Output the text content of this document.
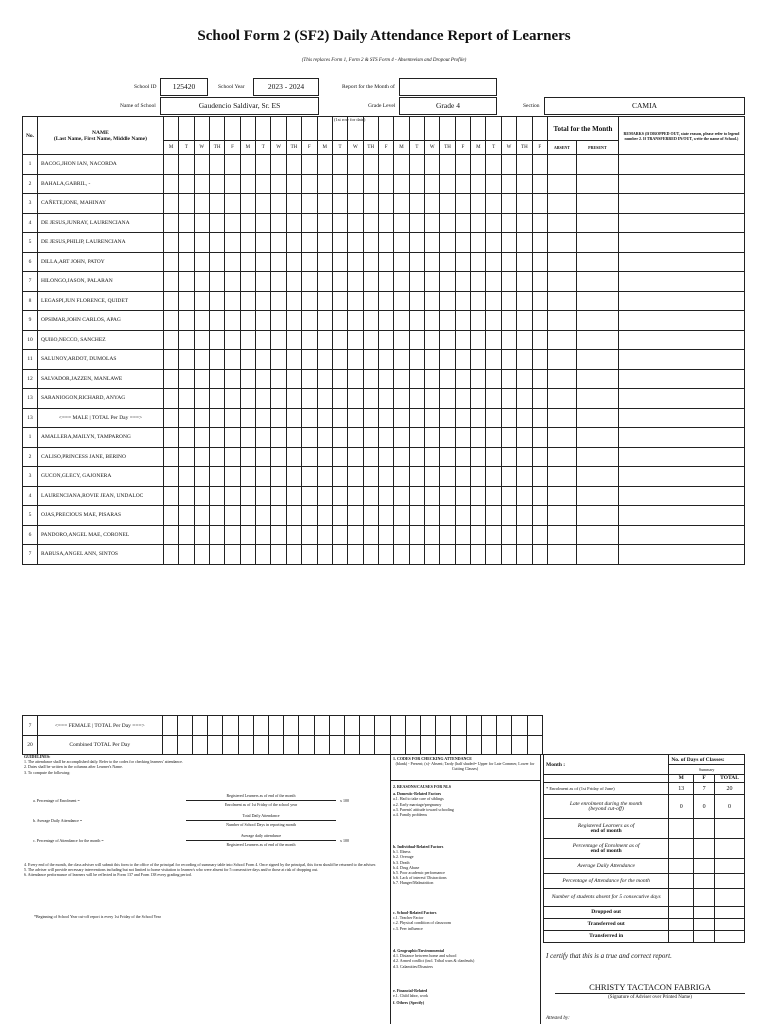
School Form 2 (SF2) Daily Attendance Report of Learners
(This replaces Form 1, Form 2 & STS Form 4 - Absenteeism and Dropout Profile)
School ID	125420	School Year	2023 - 2024	Report for the Month of
Name of School	Gaudencio Saldivar, Sr. ES	Grade Level	Grade 4	Section	CAMIA
(1st row for date)
No.	NAME
(Last Name, First Name, Middle Name)																										Total for the Month		REMARKS (If DROPPED OUT, state reason, please refer to legend number 2. If TRANSFERRED IN/OUT, write the name of School.)
		M	T	W	TH	F	M	T	W	TH	F	M	T	W	TH	F	M	T	W	TH	F	M	T	W	TH	F	ABSENT	PRESENT	
1	BACOG,JHON IAN, NACORDA																												
2	BAHALA,GABRIL, -																												
3	CAÑETE,IONE, MAHINAY																												
4	DE JESUS,JUNRAY, LAURENCIANA																												
5	DE JESUS,PHILIP, LAURENCIANA																												
6	DILLA,ART JOHN, PATOY																												
7	HILONGO,JASON, PALARAN																												
8	LEGASPI,JUN FLORENCE, QUIDET																												
9	OPSIMAR,JOHN CARLOS, APAG																												
10	QUIñO,NECCO, SANCHEZ																												
11	SALUNOY,ARDOT, DUMOLAS																												
12	SALVADOR,JAZZEN, MANLAWE																												
13	SARANIOGON,RICHARD, ANYAG																												
13	<=== MALE | TOTAL Per Day ===>																												
1	AMALLERA,MAILYN, TAMPARONG																												
2	CALISO,PRINCESS JANE, BERINO																												
3	GUCON,GLECY, GAJONERA																												
4	LAURENCIANA,ROVIE JEAN, UNDALOC																												
5	OJAS,PRECIOUS MAE, PISARAS																												
6	PANDORO,ANGEL MAE, CORONEL																												
7	RABUSA,ANGEL ANN, SINTOS																												
7	<=== FEMALE | TOTAL Per Day ===>																									
20	Combined TOTAL Per Day																									
GUIDELINES:
1. The attendance shall be accomplished daily. Refer to the codes for checking learners' attendance.
2. Dates shall be written in the columns after Learner's Name.
3. To compute the following:
a. Percentage of Enrolment =
Registered Learners as of end of the month
Enrolment as of 1st Friday of the school year
x 100
b. Average Daily Attendance =
Total Daily Attendance
Number of School Days in reporting month
c. Percentage of Attendance for the month =
Average daily attendance
Registered Learners as of end of the month
x 100
4. Every end of the month, the class adviser will submit this form to the office of the principal for recording of summary table into School Form 4. Once signed by the principal, this form should be returned to the adviser.
5. The adviser will provide necessary interventions including but not limited to home visitation to learner/s who were absent for 5 consecutive days and/or those at risk of dropping out.
6. Attendance performance of learners will be reflected in Form 137 and Form 138 every grading period.
*Beginning of School Year cut-off report is every 1st Friday of the School Year
1. CODES FOR CHECKING ATTENDANCE
(blank) - Present; (x)- Absent; Tardy (half shaded= Upper for Late Commer, Lower for Cutting Classes)
2. REASONS/CAUSES FOR NLS
a. Domestic-Related Factors
a.1. Had to take care of siblings
a.2. Early marriage/pregnancy
a.3. Parents' attitude toward schooling
a.4. Family problems
b. Individual-Related Factors
b.1. Illness
b.2. Overage
b.3. Death
b.4. Drug Abuse
b.5. Poor academic performance
b.6. Lack of interest/ Distractions
b.7. Hunger/Malnutrition
c. School-Related Factors
c.1. Teacher Factor
c.2. Physical condition of classroom
c.3. Peer influence
d. Geographic/Environmental
d.1. Distance between home and school
d.2. Armed conflict (incl. Tribal wars & clanfeuds)
d.3. Calamities/Disasters
e. Financial-Related
e.1. Child labor, work
f. Others (Specify)
Month :	No. of Days of Classes:		
	Summary		
	M	F	TOTAL
* Enrolment as of (1st Friday of June)	13	7	20

Late enrolment during the month
(beyond cut-off)	0	0	0

Registered Learners as of
end of month			

Percentage of Enrolment as of
end of month			

Average Daily Attendance			
Percentage of Attendance for the month			
Number of students absent for 5 consecutive days			
Dropped out			
Transferred out			
Transferred in			
I certify that this is a true and correct report.
CHRISTY TACTACON FABRIGA
(Signature of Adviser over Printed Name)
Attested by:
